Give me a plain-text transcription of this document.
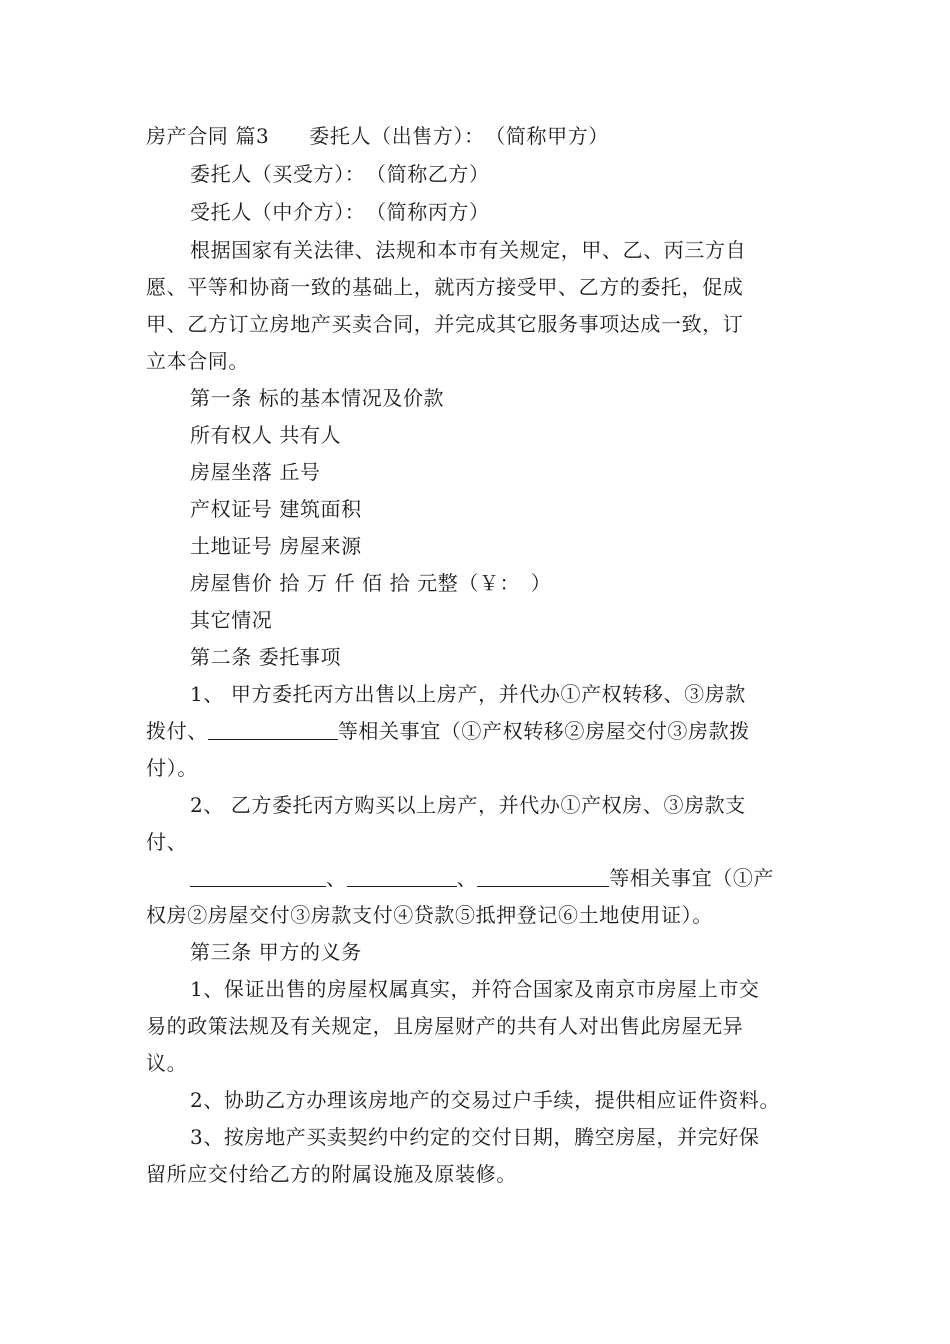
房产合同 篇3 委托人（出售方）：　（简称甲方）
委托人（买受方）：　（简称乙方）
受托人（中介方）：　（简称丙方）
根据国家有关法律、法规和本市有关规定，甲、乙、丙三方自
愿、平等和协商一致的基础上，就丙方接受甲、乙方的委托，促成
甲、乙方订立房地产买卖合同，并完成其它服务事项达成一致，订
立本合同。
第一条 标的基本情况及价款
所有权人 共有人
房屋坐落 丘号
产权证号 建筑面积
土地证号 房屋来源
房屋售价 拾 万 仟 佰 拾 元整（￥：　）
其它情况
第二条 委托事项
1、 甲方委托丙方出售以上房产，并代办①产权转移、③房款
拨付、	等相关事宜（①产权转移②房屋交付③房款拨
付）。
2、 乙方委托丙方购买以上房产，并代办①产权房、③房款支
付、
、	、	等相关事宜（①产
权房②房屋交付③房款支付④贷款⑤抵押登记⑥土地使用证）。
第三条 甲方的义务
1、保证出售的房屋权属真实，并符合国家及南京市房屋上市交
易的政策法规及有关规定，且房屋财产的共有人对出售此房屋无异
议。
2、协助乙方办理该房地产的交易过户手续，提供相应证件资料。
3、按房地产买卖契约中约定的交付日期，腾空房屋，并完好保
留所应交付给乙方的附属设施及原装修。
